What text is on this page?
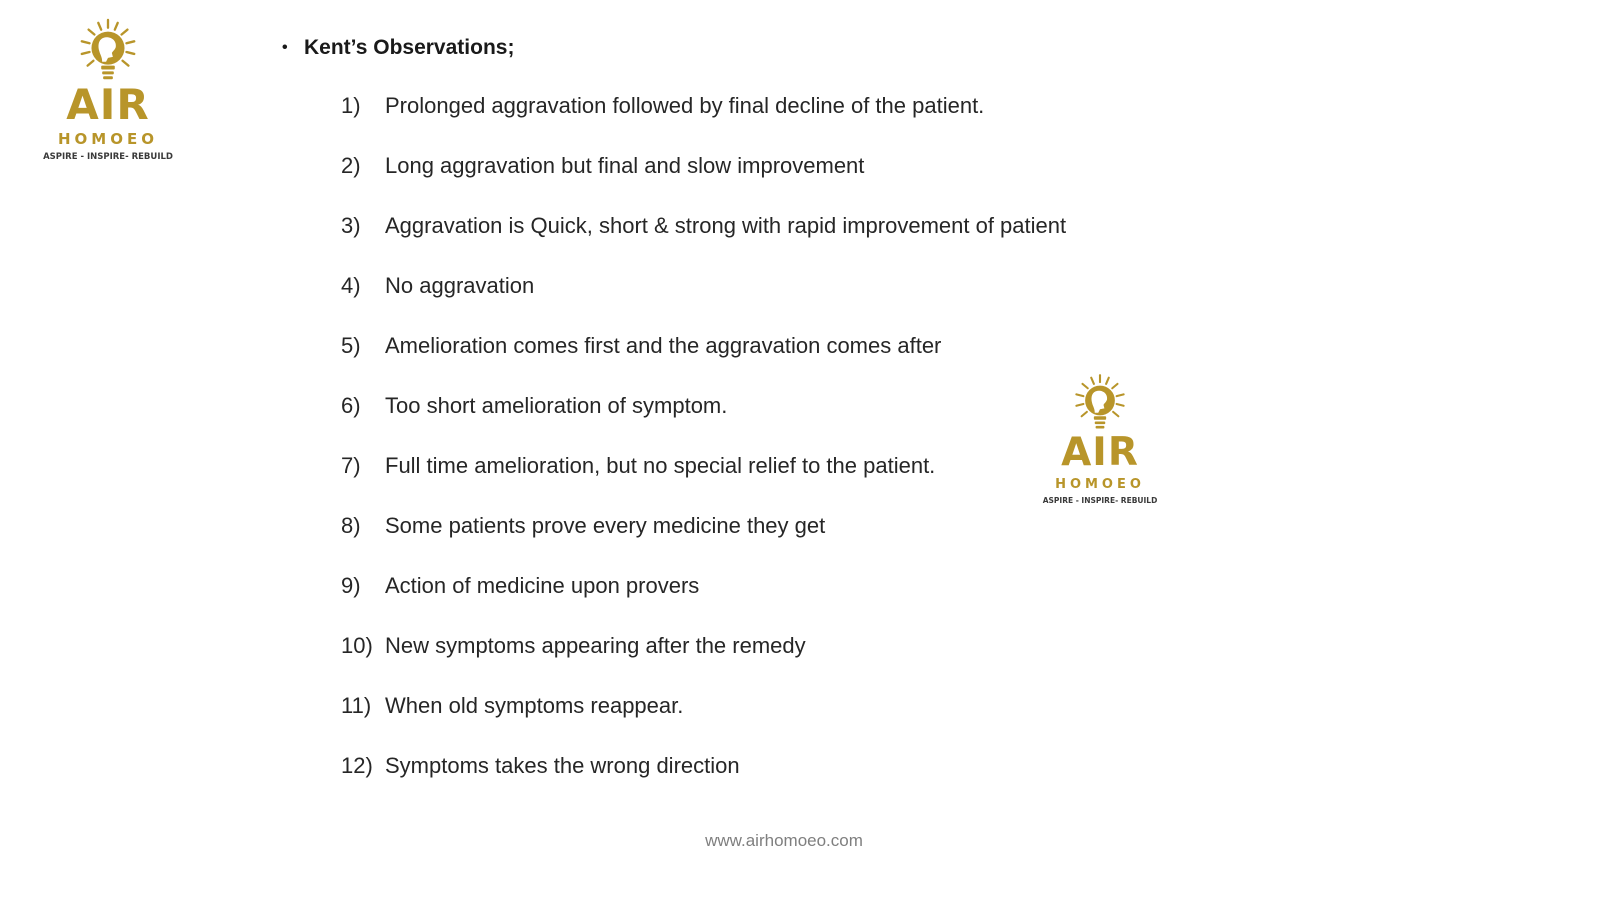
AIR
HOMOEO
ASPIRE - INSPIRE- REBUILD
• Kent’s Observations;
1)	Prolonged aggravation followed by final decline of the patient.
2)	Long aggravation but final and slow improvement
3)	Aggravation is Quick, short & strong with rapid improvement of patient
4)	No aggravation
5)	Amelioration comes first and the aggravation comes after
6)	Too short amelioration of symptom.
7)	Full time amelioration, but no special relief to the patient.
8)	Some patients prove every medicine they get
9)	Action of medicine upon provers
10) New symptoms appearing after the remedy
11) When old symptoms reappear.
12) Symptoms takes the wrong direction
AIR
HOMOEO
ASPIRE - INSPIRE- REBUILD
www.airhomoeo.com
